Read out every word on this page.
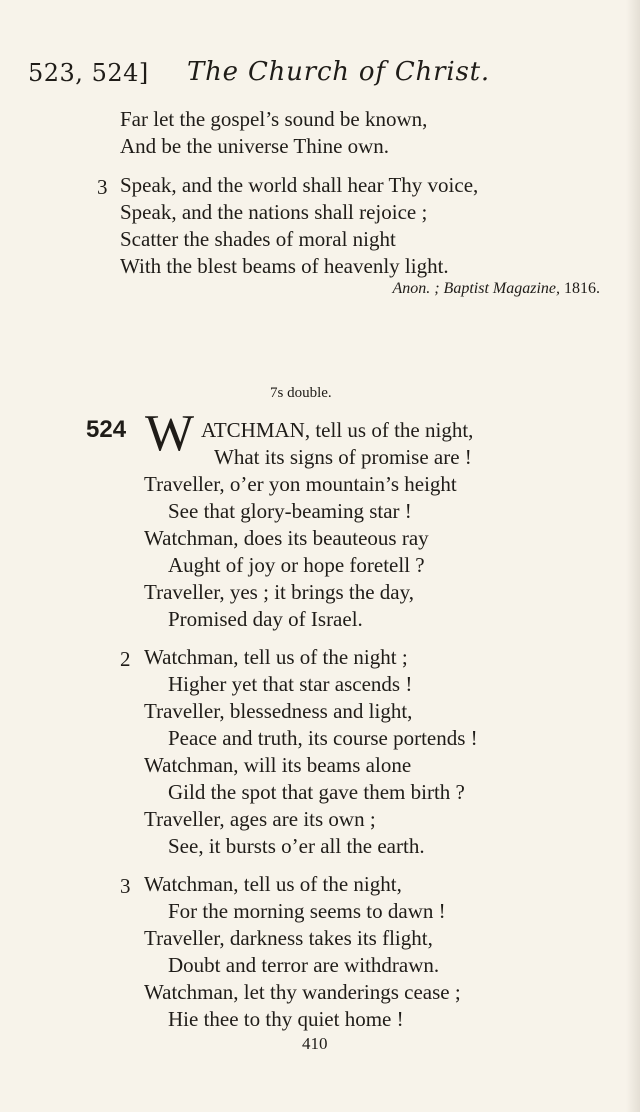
523, 524] The Church of Christ.
Far let the gospel’s sound be known,
And be the universe Thine own.
3 Speak, and the world shall hear Thy voice,
Speak, and the nations shall rejoice ;
Scatter the shades of moral night
With the blest beams of heavenly light.
Anon. ; Baptist Magazine, 1816.
7s double.
524 W ATCHMAN, tell us of the night,
What its signs of promise are !
Traveller, o’er yon mountain’s height
See that glory-beaming star !
Watchman, does its beauteous ray
Aught of joy or hope foretell ?
Traveller, yes ; it brings the day,
Promised day of Israel.
2 Watchman, tell us of the night ;
Higher yet that star ascends !
Traveller, blessedness and light,
Peace and truth, its course portends !
Watchman, will its beams alone
Gild the spot that gave them birth ?
Traveller, ages are its own ;
See, it bursts o’er all the earth.
3 Watchman, tell us of the night,
For the morning seems to dawn !
Traveller, darkness takes its flight,
Doubt and terror are withdrawn.
Watchman, let thy wanderings cease ;
Hie thee to thy quiet home !
410
